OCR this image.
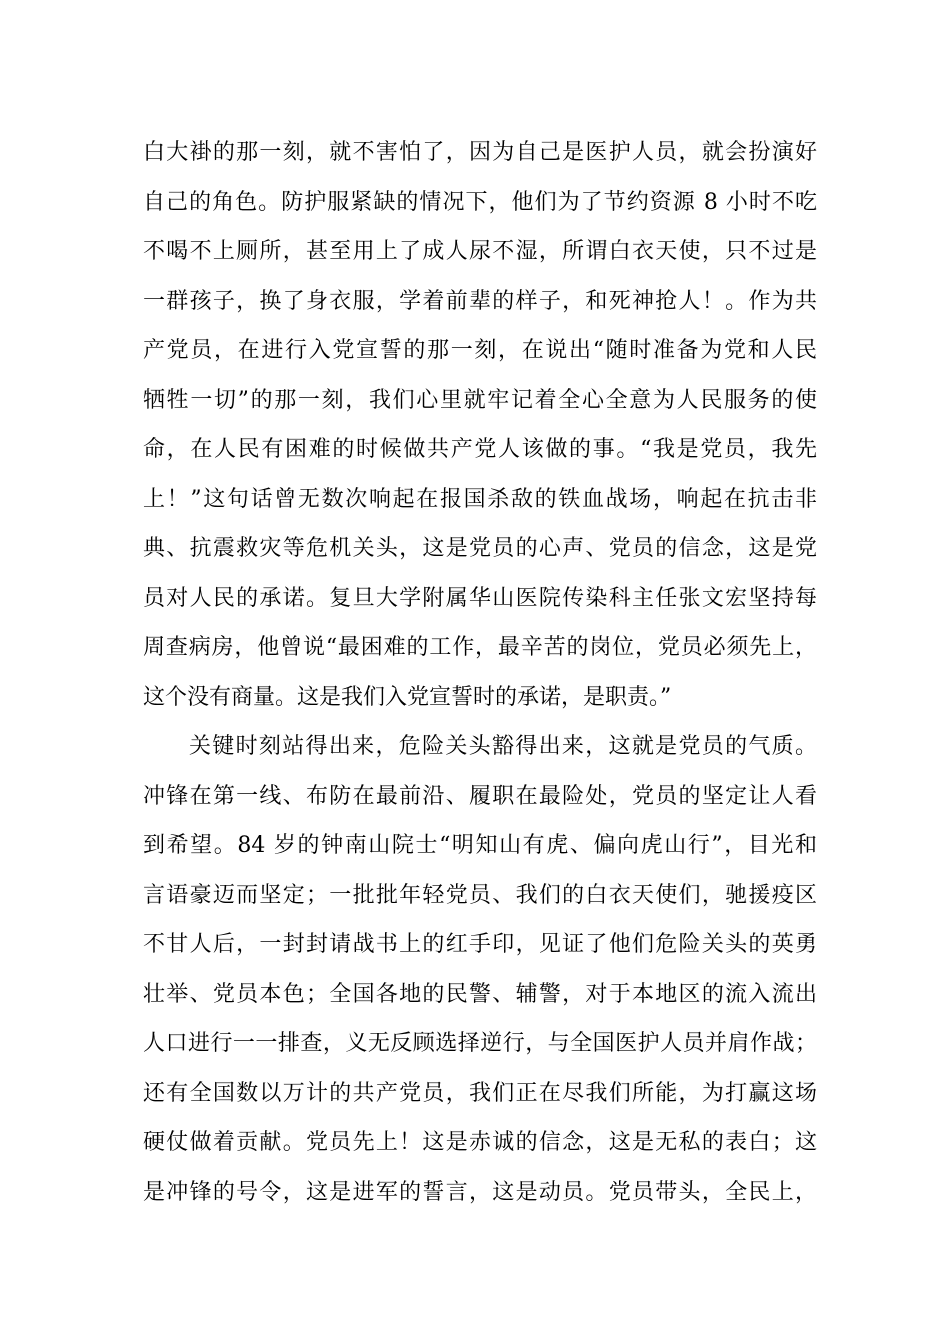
白大褂的那一刻，就不害怕了，因为自己是医护人员，就会扮演好
自己的角色。防护服紧缺的情况下，他们为了节约资源 8 小时不吃
不喝不上厕所，甚至用上了成人尿不湿，所谓白衣天使，只不过是
一群孩子，换了身衣服，学着前辈的样子，和死神抢人！。作为共
产党员，在进行入党宣誓的那一刻，在说出“随时准备为党和人民
牺牲一切”的那一刻，我们心里就牢记着全心全意为人民服务的使
命，在人民有困难的时候做共产党人该做的事。“我是党员，我先
上！”这句话曾无数次响起在报国杀敌的铁血战场，响起在抗击非
典、抗震救灾等危机关头，这是党员的心声、党员的信念，这是党
员对人民的承诺。复旦大学附属华山医院传染科主任张文宏坚持每
周查病房，他曾说“最困难的工作，最辛苦的岗位，党员必须先上，
这个没有商量。这是我们入党宣誓时的承诺，是职责。”
关键时刻站得出来，危险关头豁得出来，这就是党员的气质。
冲锋在第一线、布防在最前沿、履职在最险处，党员的坚定让人看
到希望。84 岁的钟南山院士“明知山有虎、偏向虎山行”，目光和
言语豪迈而坚定；一批批年轻党员、我们的白衣天使们，驰援疫区
不甘人后，一封封请战书上的红手印，见证了他们危险关头的英勇
壮举、党员本色；全国各地的民警、辅警，对于本地区的流入流出
人口进行一一排查，义无反顾选择逆行，与全国医护人员并肩作战；
还有全国数以万计的共产党员，我们正在尽我们所能，为打赢这场
硬仗做着贡献。党员先上！这是赤诚的信念，这是无私的表白；这
是冲锋的号令，这是进军的誓言，这是动员。党员带头，全民上，
